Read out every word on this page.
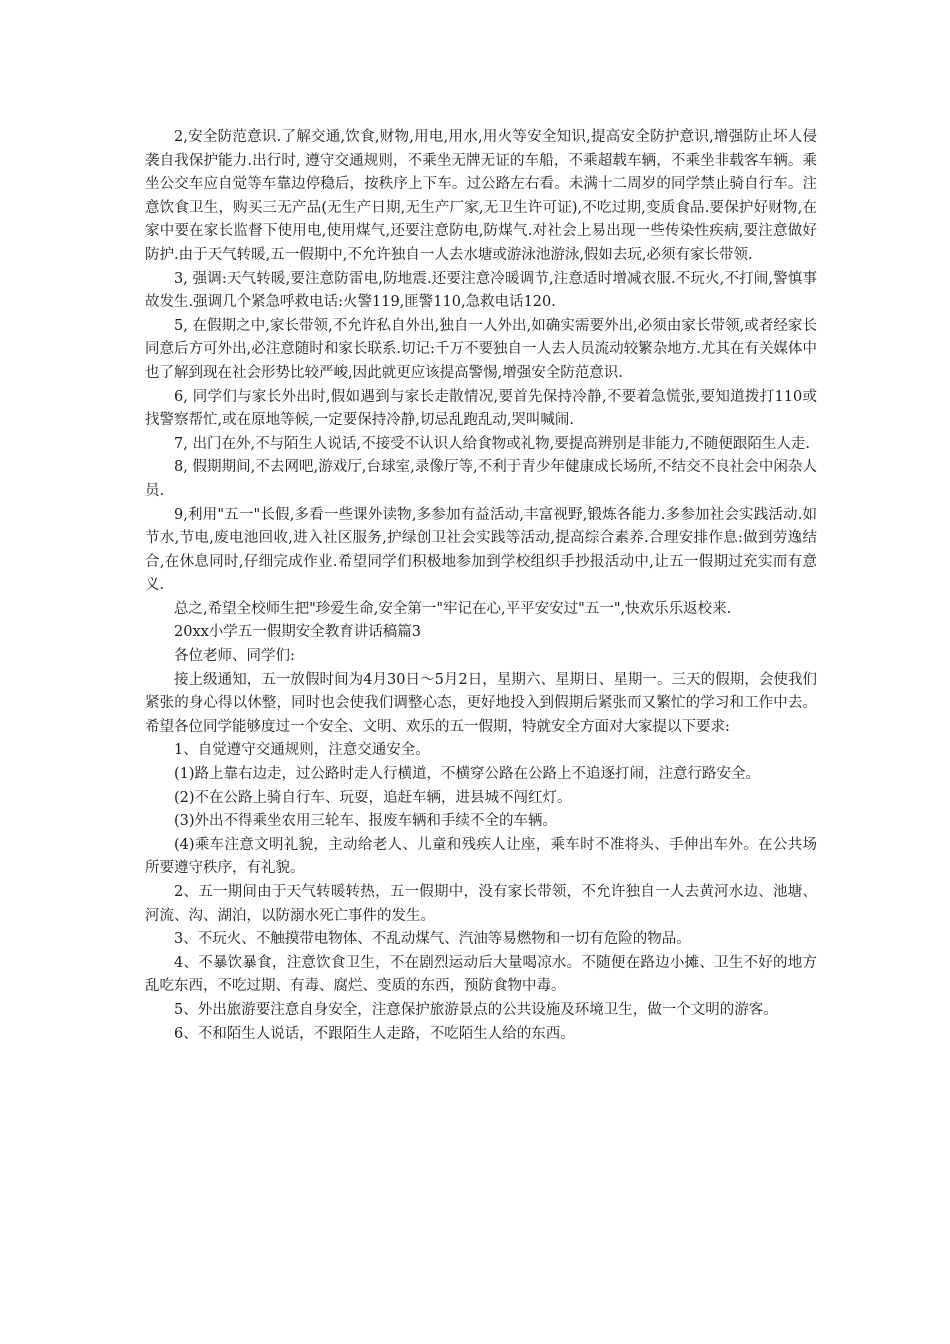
2,安全防范意识.了解交通,饮食,财物,用电,用水,用火等安全知识,提高安全防护意识,增强防止坏人侵袭自我保护能力.出行时, 遵守交通规则，不乘坐无牌无证的车船，不乘超载车辆，不乘坐非载客车辆。乘坐公交车应自觉等车靠边停稳后，按秩序上下车。过公路左右看。未满十二周岁的同学禁止骑自行车。注意饮食卫生，购买三无产品(无生产日期,无生产厂家,无卫生许可证),不吃过期,变质食品.要保护好财物,在家中要在家长监督下使用电,使用煤气,还要注意防电,防煤气.对社会上易出现一些传染性疾病,要注意做好防护.由于天气转暖,五一假期中,不允许独自一人去水塘或游泳池游泳,假如去玩,必须有家长带领.

3, 强调:天气转暖,要注意防雷电,防地震.还要注意冷暖调节,注意适时增减衣服.不玩火,不打闹,警慎事故发生.强调几个紧急呼救电话:火警119,匪警110,急救电话120.

5, 在假期之中,家长带领,不允许私自外出,独自一人外出,如确实需要外出,必须由家长带领,或者经家长同意后方可外出,必注意随时和家长联系.切记:千万不要独自一人去人员流动较繁杂地方.尤其在有关媒体中也了解到现在社会形势比较严峻,因此就更应该提高警惕,增强安全防范意识.

6, 同学们与家长外出时,假如遇到与家长走散情况,要首先保持冷静,不要着急慌张,要知道拨打110或找警察帮忙,或在原地等候,一定要保持冷静,切忌乱跑乱动,哭叫喊闹.

7, 出门在外,不与陌生人说话,不接受不认识人给食物或礼物,要提高辨别是非能力,不随便跟陌生人走.

8, 假期期间,不去网吧,游戏厅,台球室,录像厅等,不利于青少年健康成长场所,不结交不良社会中闲杂人员.

9,利用"五一"长假,多看一些课外读物,多参加有益活动,丰富视野,锻炼各能力.多参加社会实践活动.如节水,节电,废电池回收,进入社区服务,护绿创卫社会实践等活动,提高综合素养.合理安排作息:做到劳逸结合,在休息同时,仔细完成作业.希望同学们积极地参加到学校组织手抄报活动中,让五一假期过充实而有意义.

总之,希望全校师生把"珍爱生命,安全第一"牢记在心,平平安安过"五一",快欢乐乐返校来.

20xx小学五一假期安全教育讲话稿篇3

各位老师、同学们:

接上级通知，五一放假时间为4月30日～5月2日，星期六、星期日、星期一。三天的假期，会使我们紧张的身心得以休整，同时也会使我们调整心态，更好地投入到假期后紧张而又繁忙的学习和工作中去。希望各位同学能够度过一个安全、文明、欢乐的五一假期，特就安全方面对大家提以下要求:

1、自觉遵守交通规则，注意交通安全。

(1)路上靠右边走，过公路时走人行横道，不横穿公路在公路上不追逐打闹，注意行路安全。

(2)不在公路上骑自行车、玩耍，追赶车辆，进县城不闯红灯。

(3)外出不得乘坐农用三轮车、报废车辆和手续不全的车辆。

(4)乘车注意文明礼貌，主动给老人、儿童和残疾人让座，乘车时不准将头、手伸出车外。在公共场所要遵守秩序，有礼貌。

2、五一期间由于天气转暖转热，五一假期中，没有家长带领，不允许独自一人去黄河水边、池塘、河流、沟、湖泊，以防溺水死亡事件的发生。

3、不玩火、不触摸带电物体、不乱动煤气、汽油等易燃物和一切有危险的物品。

4、不暴饮暴食，注意饮食卫生，不在剧烈运动后大量喝凉水。不随便在路边小摊、卫生不好的地方乱吃东西，不吃过期、有毒、腐烂、变质的东西，预防食物中毒。

5、外出旅游要注意自身安全，注意保护旅游景点的公共设施及环境卫生，做一个文明的游客。

6、不和陌生人说话，不跟陌生人走路，不吃陌生人给的东西。
